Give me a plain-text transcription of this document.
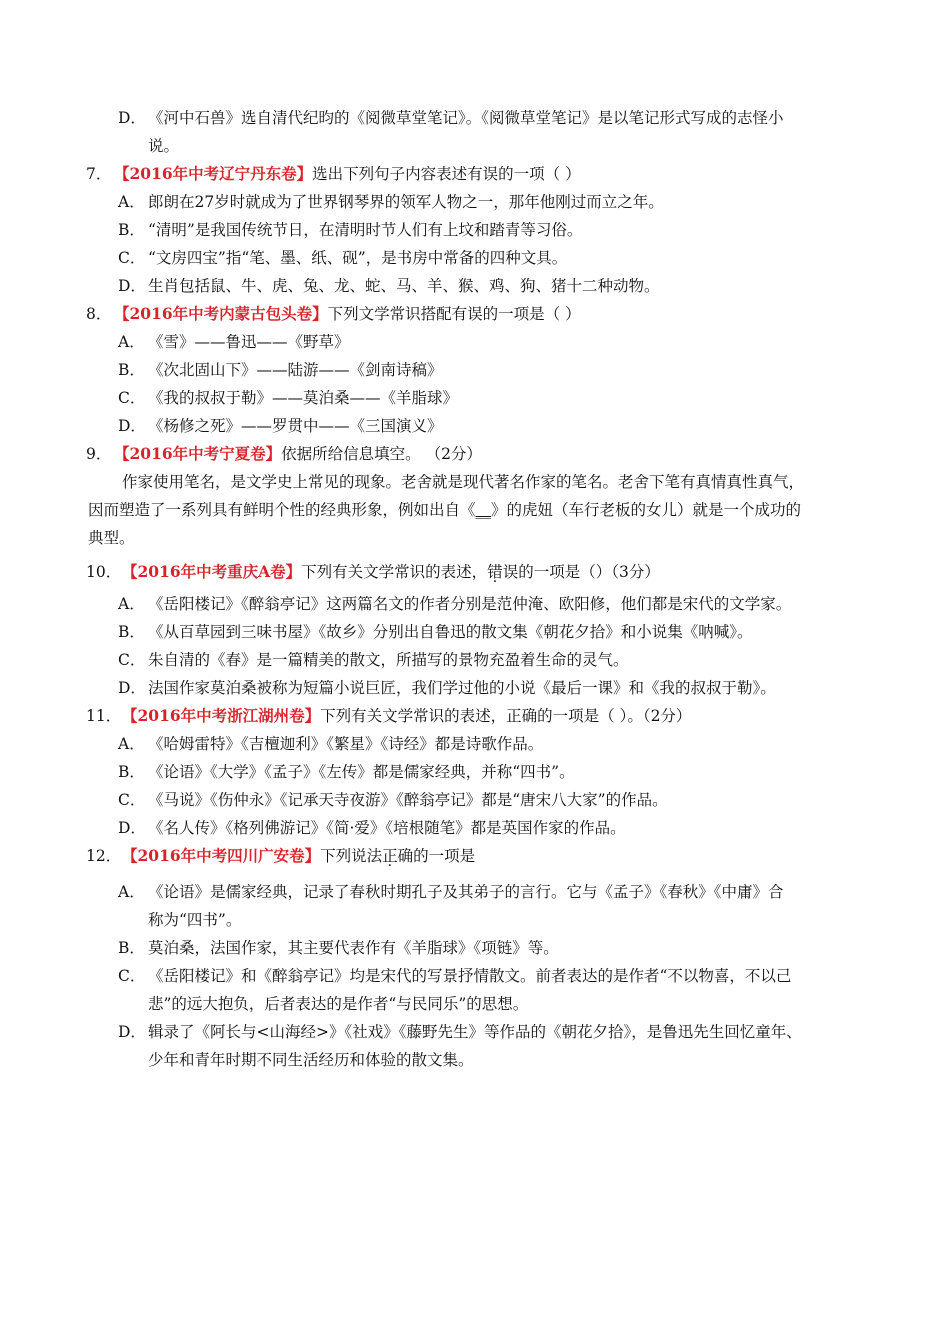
D． 《河中石兽》选自清代纪昀的《阅微草堂笔记》。《阅微草堂笔记》是以笔记形式写成的志怪小
说。
7． 【2016年中考辽宁丹东卷】选出下列句子内容表述有误的一项（ ）
A． 郎朗在27岁时就成为了世界钢琴界的领军人物之一，那年他刚过而立之年。
B． “清明”是我国传统节日，在清明时节人们有上坟和踏青等习俗。
C． “文房四宝”指“笔、墨、纸、砚”，是书房中常备的四种文具。
D． 生肖包括鼠、牛、虎、兔、龙、蛇、马、羊、猴、鸡、狗、猪十二种动物。
8． 【2016年中考内蒙古包头卷】下列文学常识搭配有误的一项是（ ）
A． 《雪》——鲁迅——《野草》
B． 《次北固山下》——陆游——《剑南诗稿》
C． 《我的叔叔于勒》——莫泊桑——《羊脂球》
D． 《杨修之死》——罗贯中——《三国演义》
9． 【2016年中考宁夏卷】依据所给信息填空。 （2分）
作家使用笔名，是文学史上常见的现象。老舍就是现代著名作家的笔名。老舍下笔有真情真性真气，
因而塑造了一系列具有鲜明个性的经典形象，例如出自《__》的虎妞（车行老板的女儿）就是一个成功的
典型。
10．【2016年中考重庆A卷】下列有关文学常识的表述，错误的一项是（）（3分）
A． 《岳阳楼记》《醉翁亭记》这两篇名文的作者分别是范仲淹、欧阳修，他们都是宋代的文学家。
B． 《从百草园到三味书屋》《故乡》分别出自鲁迅的散文集《朝花夕拾》和小说集《呐喊》。
C． 朱自清的《春》是一篇精美的散文，所描写的景物充盈着生命的灵气。
D． 法国作家莫泊桑被称为短篇小说巨匠，我们学过他的小说《最后一课》和《我的叔叔于勒》。
11．【2016年中考浙江湖州卷】下列有关文学常识的表述，正确的一项是（ ）。（2分）
A． 《哈姆雷特》《吉檀迦利》《繁星》《诗经》都是诗歌作品。
B． 《论语》《大学》《孟子》《左传》都是儒家经典，并称“四书”。
C． 《马说》《伤仲永》《记承天寺夜游》《醉翁亭记》都是“唐宋八大家”的作品。
D． 《名人传》《格列佛游记》《简·爱》《培根随笔》都是英国作家的作品。
12．【2016年中考四川广安卷】下列说法正确的一项是
A． 《论语》是儒家经典，记录了春秋时期孔子及其弟子的言行。它与《孟子》《春秋》《中庸》合
称为“四书”。
B． 莫泊桑，法国作家，其主要代表作有《羊脂球》《项链》等。
C． 《岳阳楼记》和《醉翁亭记》均是宋代的写景抒情散文。前者表达的是作者“不以物喜，不以己
悲”的远大抱负，后者表达的是作者“与民同乐”的思想。
D． 辑录了《阿长与<山海经>》《社戏》《藤野先生》等作品的《朝花夕拾》，是鲁迅先生回忆童年、
少年和青年时期不同生活经历和体验的散文集。
